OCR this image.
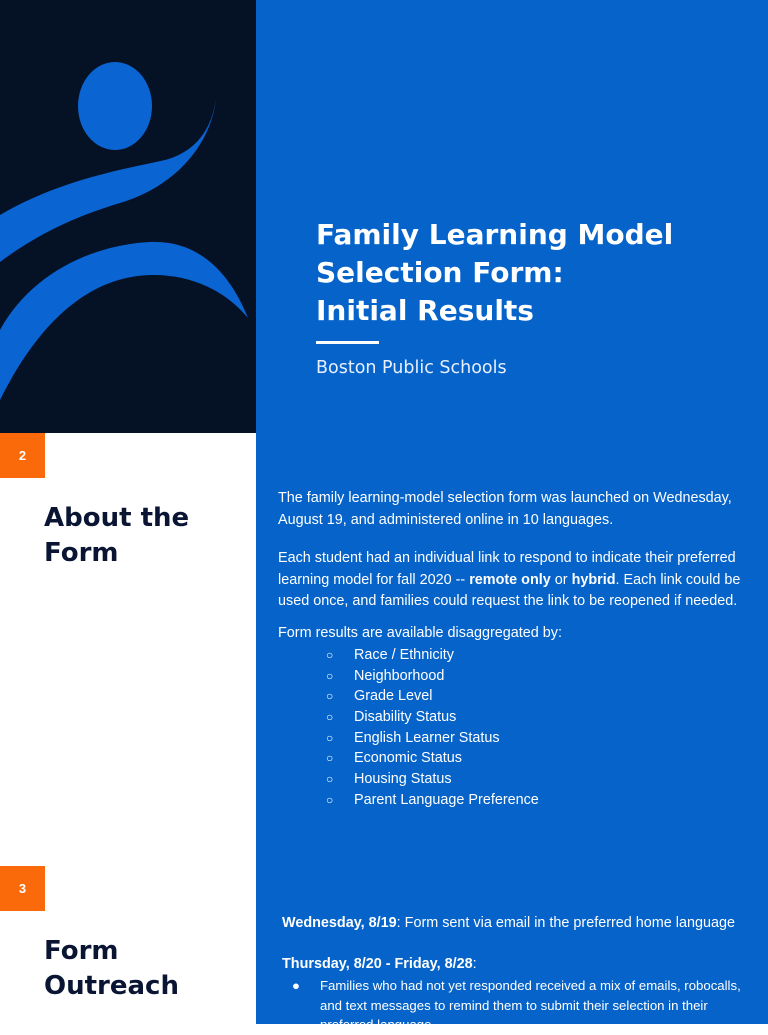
Family Learning Model
Selection Form:
Initial Results
Boston Public Schools
2
About the
Form

The family learning-model selection form was launched on Wednesday, August 19, and administered online in 10 languages.

Each student had an individual link to respond to indicate their preferred learning model for fall 2020 -- remote only or hybrid. Each link could be used once, and families could request the link to be reopened if needed.

Form results are available disaggregated by:

○ Race / Ethnicity
○ Neighborhood
○ Grade Level
○ Disability Status
○ English Learner Status
○ Economic Status
○ Housing Status
○ Parent Language Preference
3
Form
Outreach

Wednesday, 8/19: Form sent via email in the preferred home language

Thursday, 8/20 - Friday, 8/28:

● Families who had not yet responded received a mix of emails, robocalls, and text messages to remind them to submit their selection in their preferred language
